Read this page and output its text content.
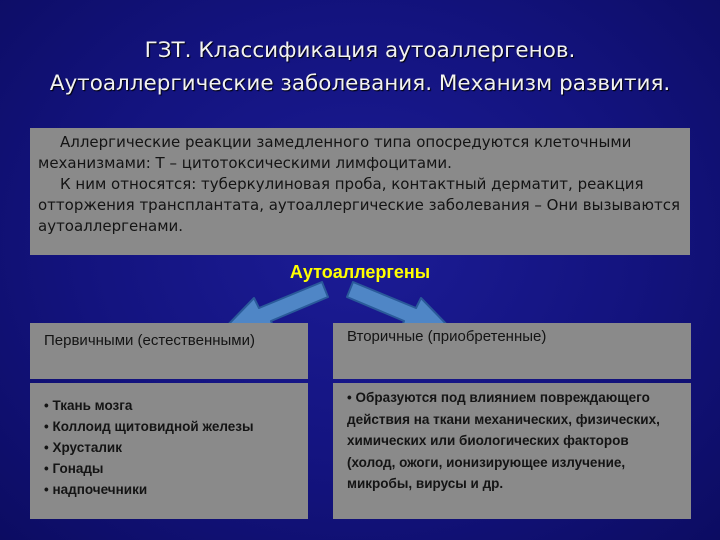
ГЗТ. Классификация аутоаллергенов.
Аутоаллергические заболевания. Механизм развития.

Аллергические реакции замедленного типа опосредуются клеточными механизмами: Т – цитотоксическими лимфоцитами.

К ним относятся: туберкулиновая проба, контактный дерматит, реакция отторжения трансплантата, аутоаллергические заболевания – Они вызываются аутоаллергенами.

Аутоаллергены
Первичными (естественными)	Вторичные (приобретенные)
• Ткань мозга
• Коллоид щитовидной железы
• Хрусталик
• Гонады
• надпочечники
• Образуются под влиянием повреждающего действия на ткани механических, физических, химических или биологических факторов (холод, ожоги, ионизирующее излучение, микробы, вирусы и др.
